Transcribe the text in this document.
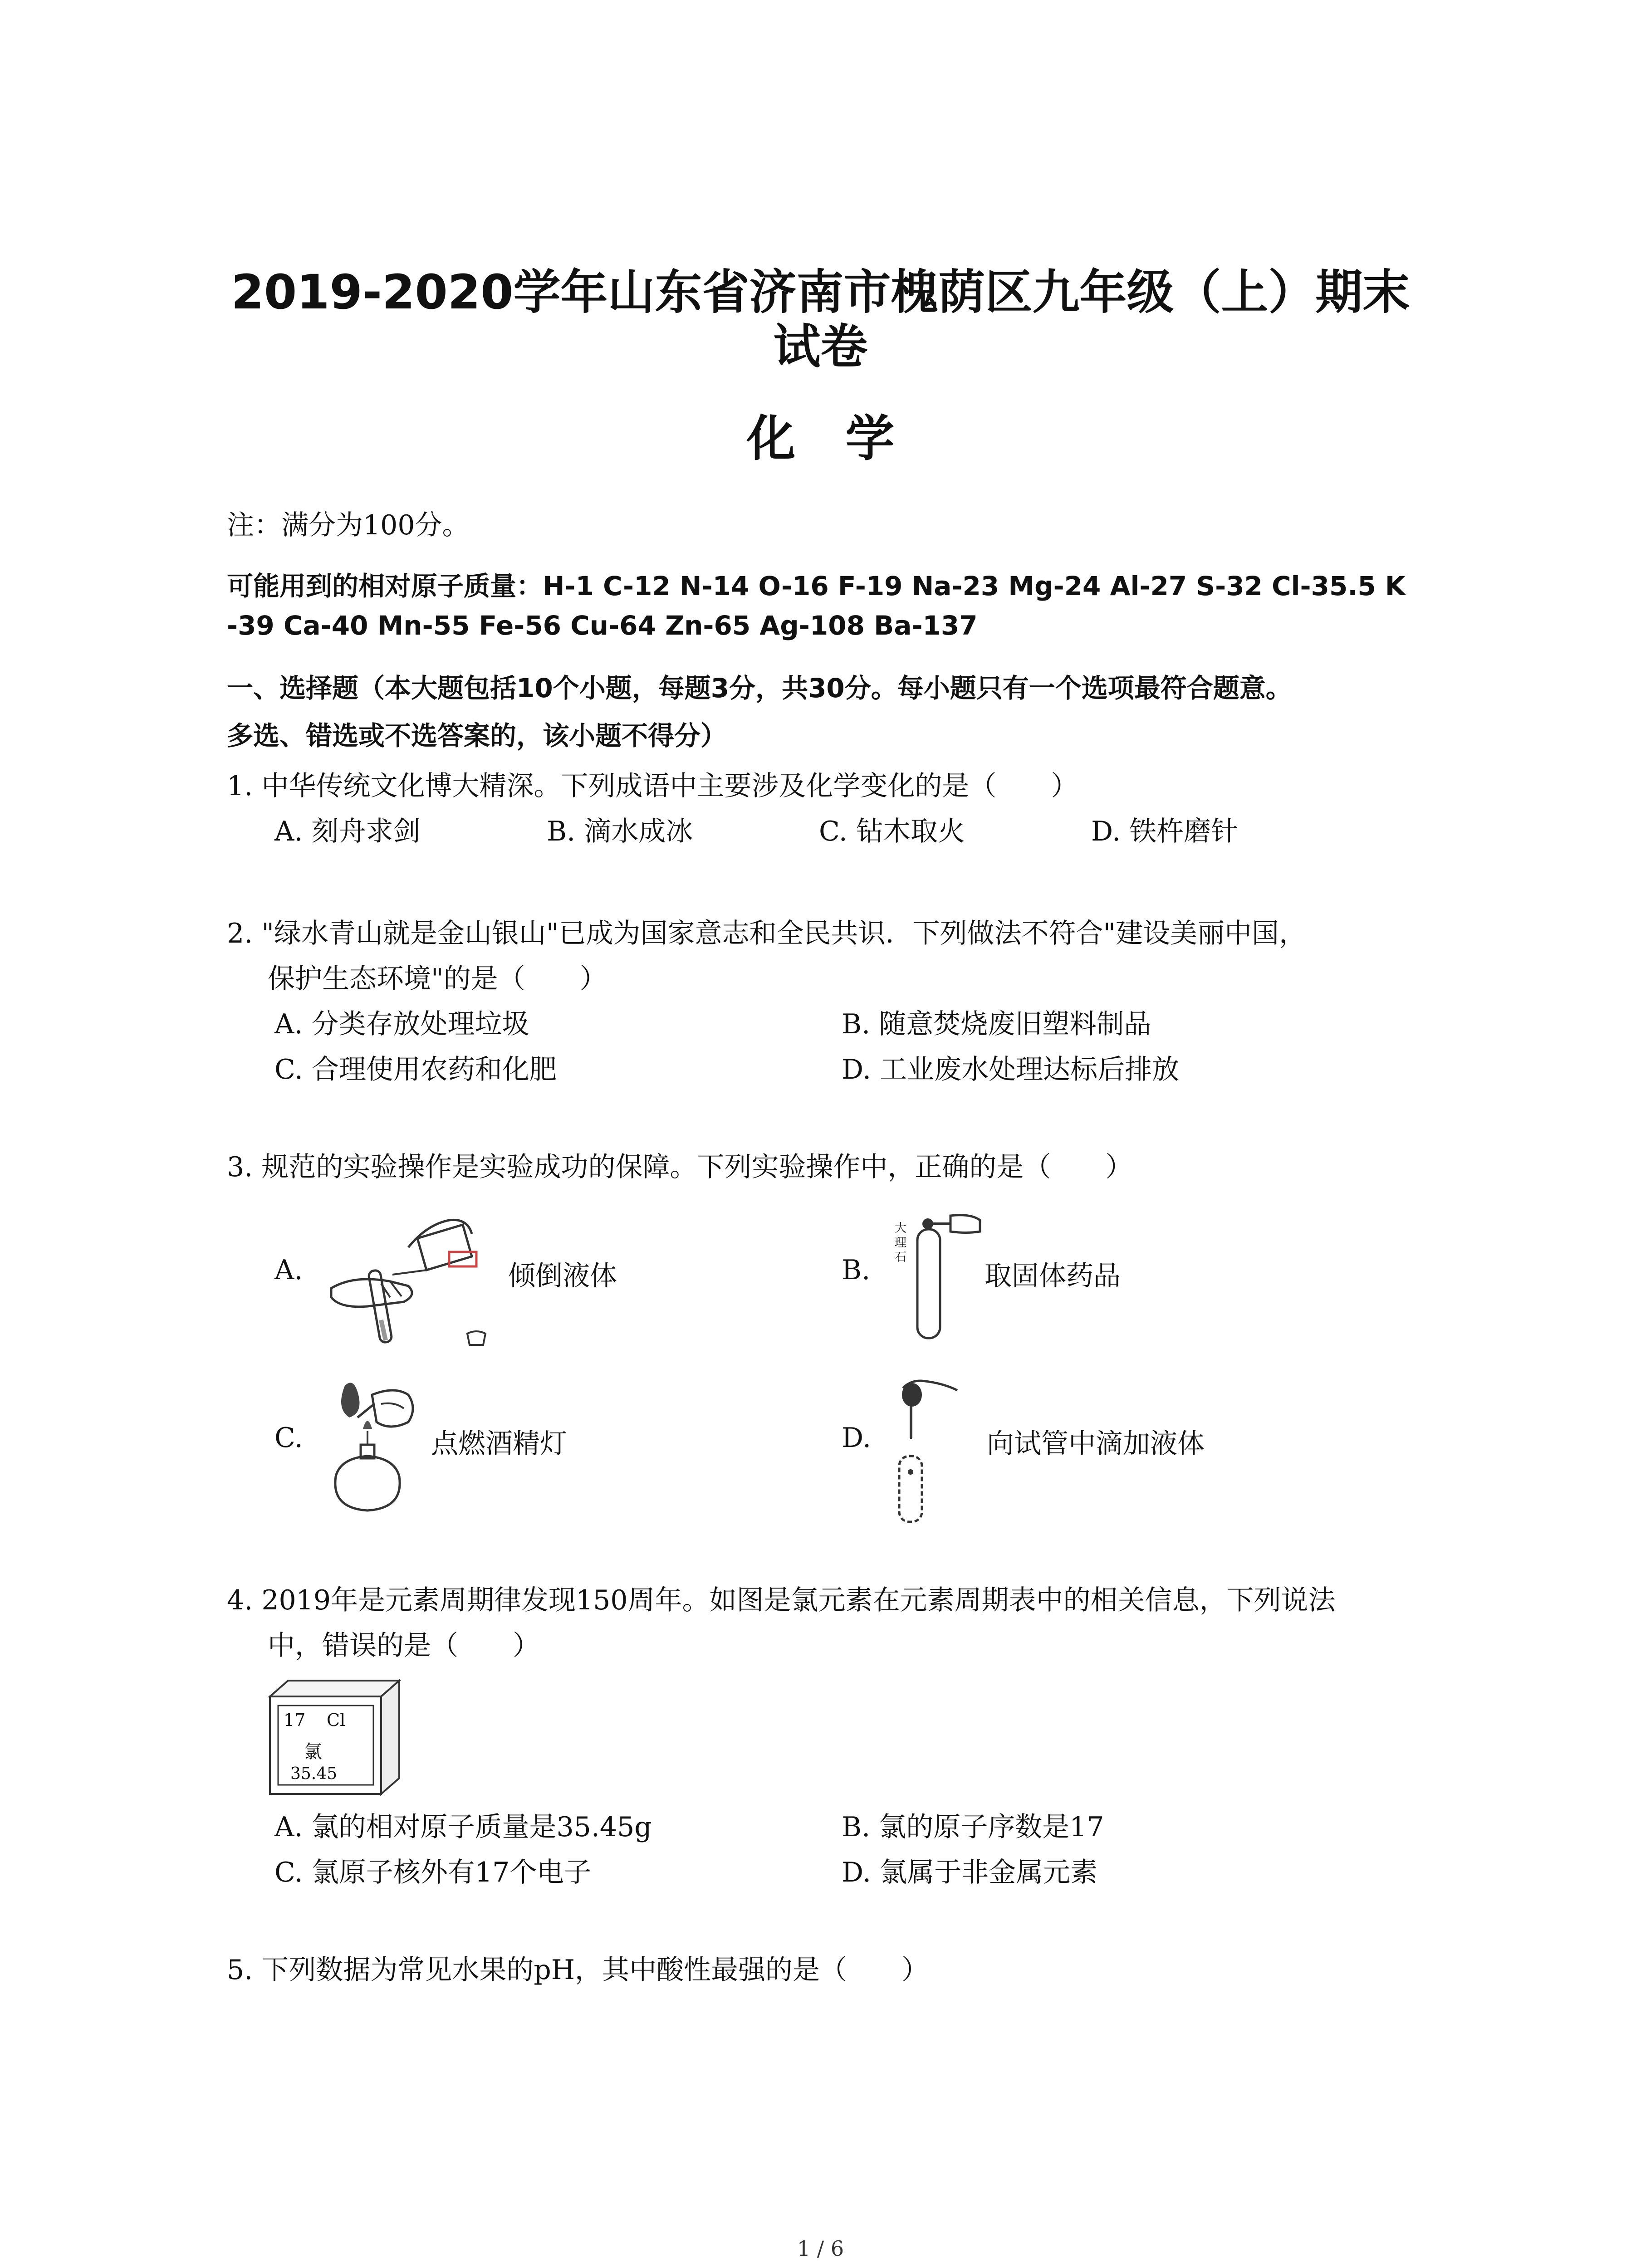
2019-2020学年山东省济南市槐荫区九年级（上）期末
试卷
化学
注：满分为100分。
可能用到的相对原子质量：H-1 C-12 N-14 O-16 F-19 Na-23 Mg-24 Al-27 S-32 Cl-35.5 K
-39 Ca-40 Mn-55 Fe-56 Cu-64 Zn-65 Ag-108 Ba-137
一、选择题（本大题包括10个小题，每题3分，共30分。每小题只有一个选项最符合题意。
多选、错选或不选答案的，该小题不得分）
1. 中华传统文化博大精深。下列成语中主要涉及化学变化的是（　　）
A. 刻舟求剑	B. 滴水成冰	C. 钻木取火	D. 铁杵磨针
2. "绿水青山就是金山银山"已成为国家意志和全民共识．下列做法不符合"建设美丽中国，
保护生态环境"的是（　　）
A. 分类存放处理垃圾	B. 随意焚烧废旧塑料制品
C. 合理使用农药和化肥	D. 工业废水处理达标后排放
3. 规范的实验操作是实验成功的保障。下列实验操作中，正确的是（　　）
A.	倾倒液体	B.
大理石
取固体药品
C.	点燃酒精灯	D.	向试管中滴加液体
4. 2019年是元素周期律发现150周年。如图是氯元素在元素周期表中的相关信息，下列说法
中，错误的是（　　）
17 Cl
氯
35.45
A. 氯的相对原子质量是35.45g	B. 氯的原子序数是17
C. 氯原子核外有17个电子	D. 氯属于非金属元素
5. 下列数据为常见水果的pH，其中酸性最强的是（　　）
1 / 6
